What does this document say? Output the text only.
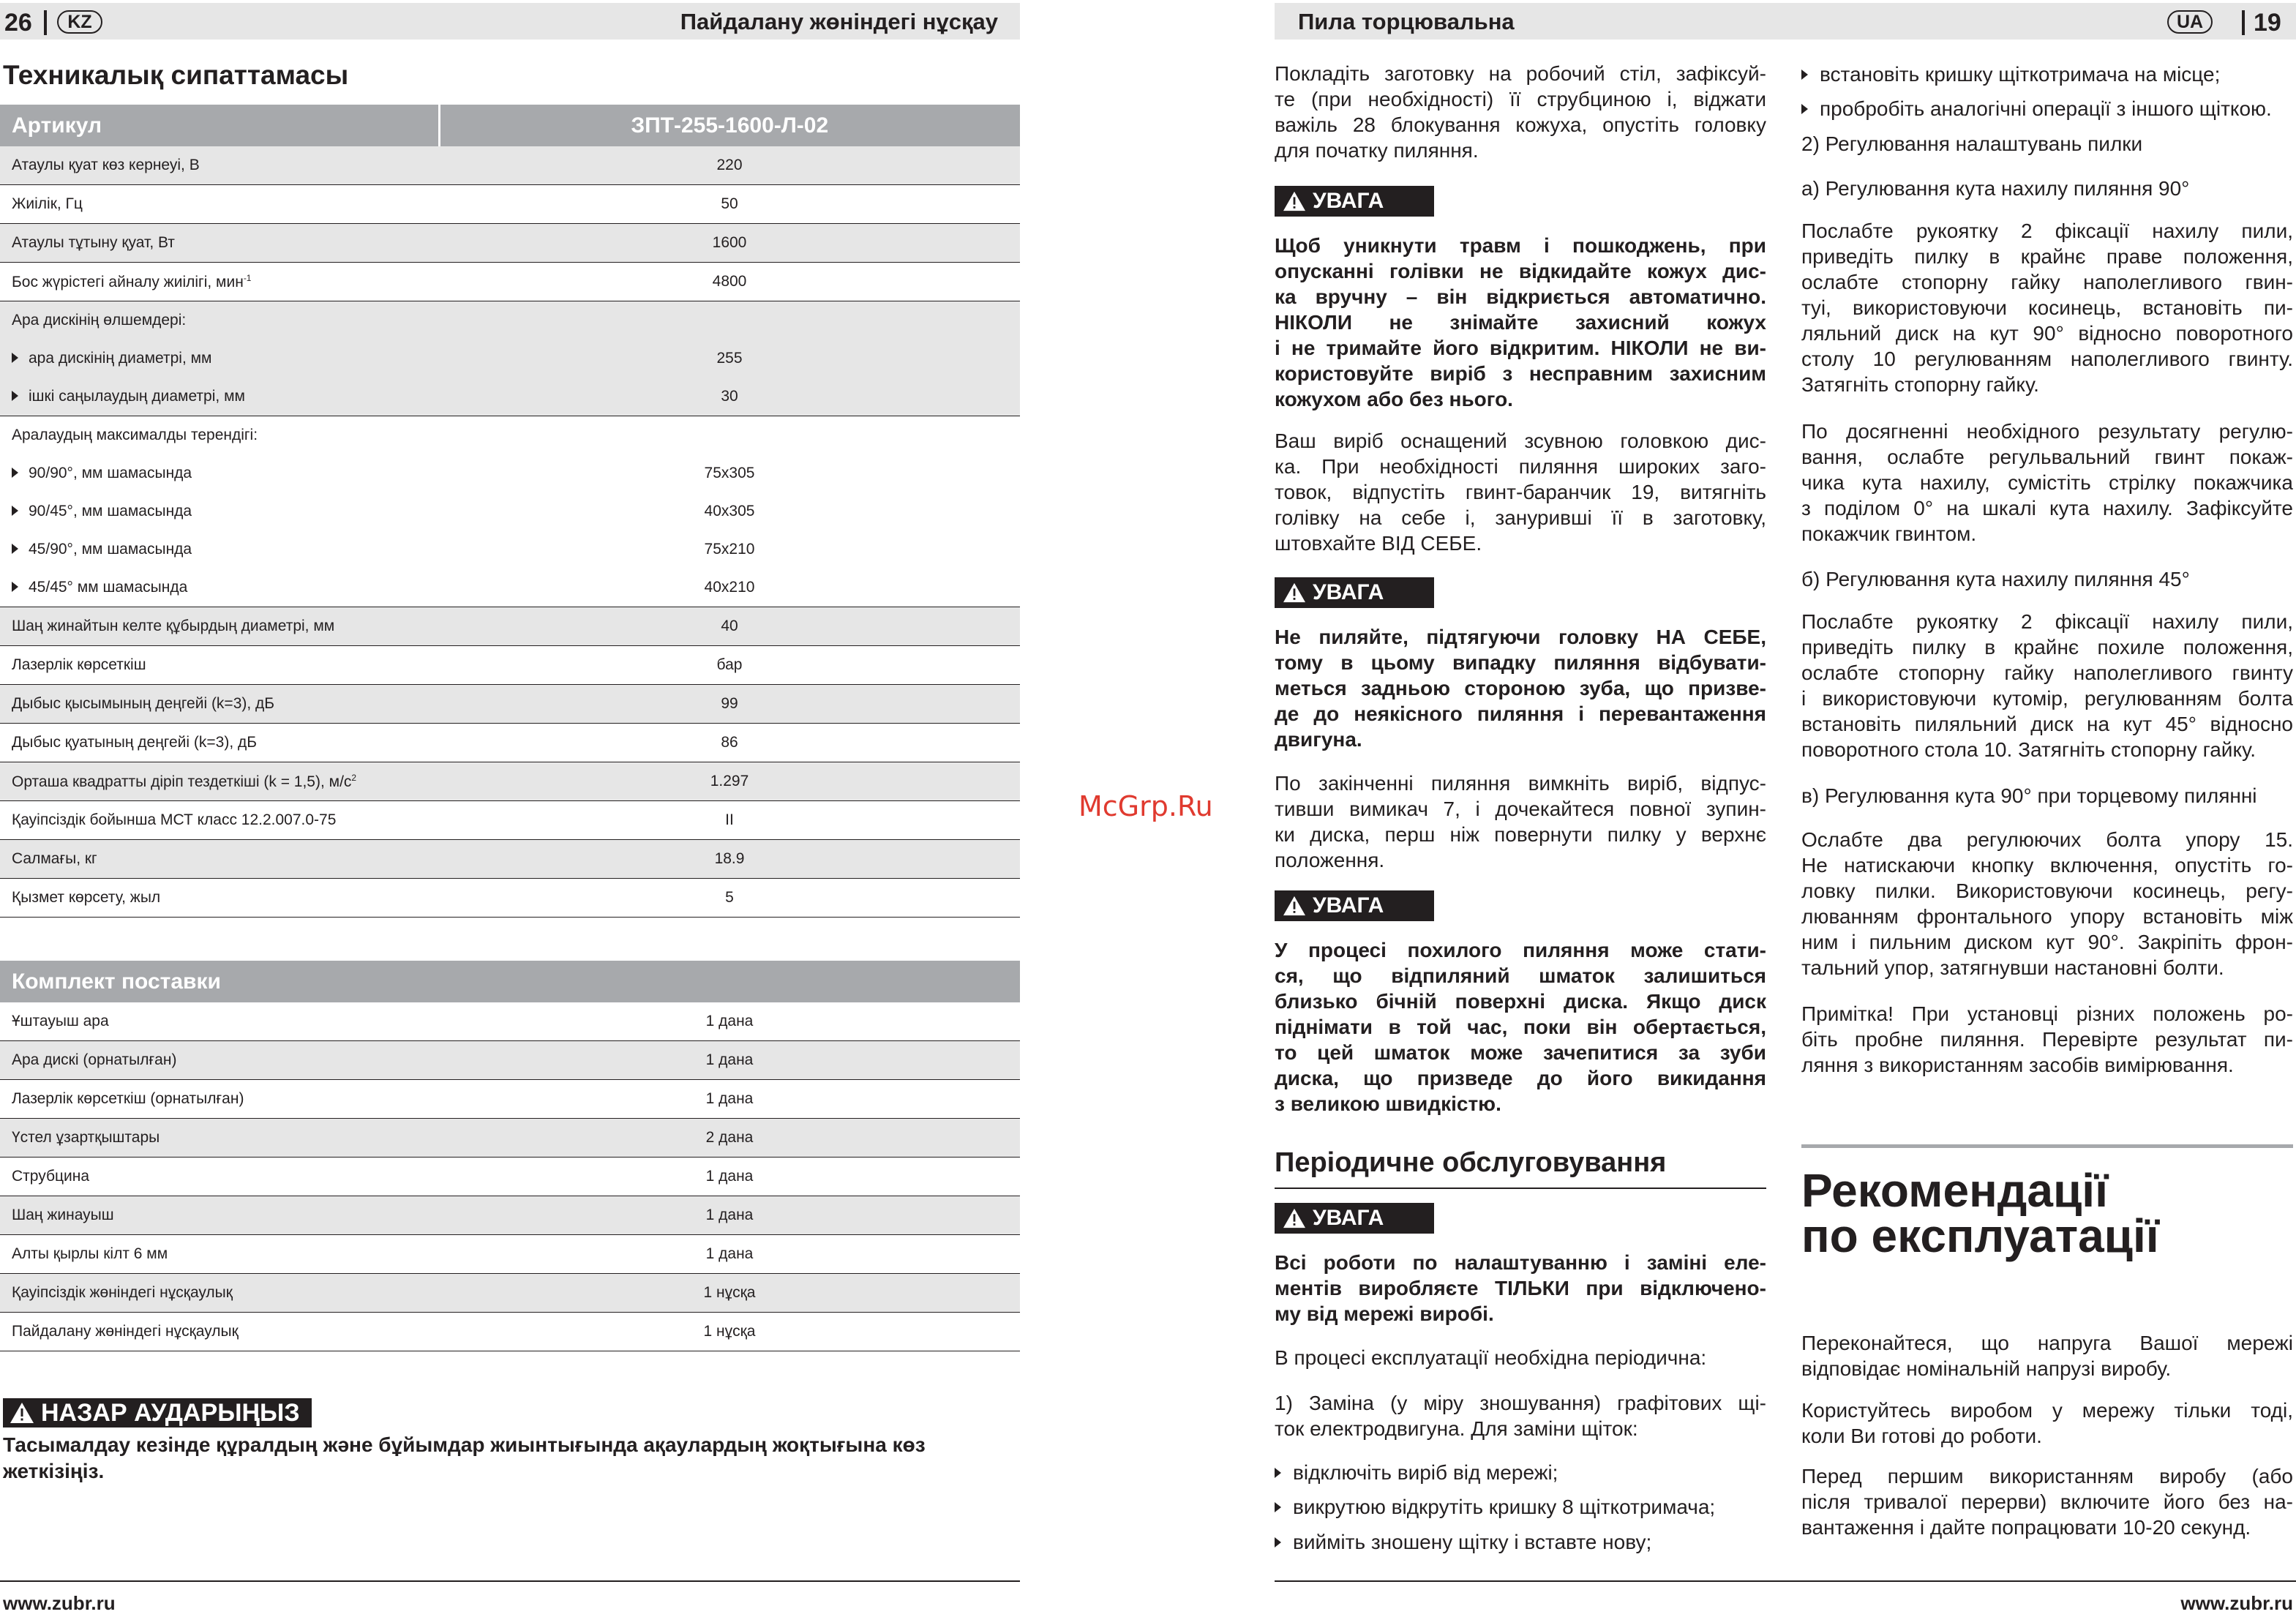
26 KZ	Пайдалану жөніндегі нұсқау
Техникалық сипаттамасы
Артикул	ЗПТ-255-1600-Л-02
Атаулы қуат көз кернеуі, В	220
Жиілік, Гц	50
Атаулы тұтыну қуат, Вт	1600
Бос жүрістегі айналу жиілігі, мин$^{-1}$	4800
Ара дискінің өлшемдері:	
ара дискінің диаметрі, мм	255
ішкі саңылаудың диаметрі, мм	30
Аралаудың максималды терендігі:	
90/90°, мм шамасында	75x305
90/45°, мм шамасында	40x305
45/90°, мм шамасында	75x210
45/45° мм шамасында	40x210
Шаң жинайтын келте құбырдың диаметрі, мм	40
Лазерлік көрсеткіш	бар
Дыбыс қысымының деңгейі (k=3), дБ	99
Дыбыс қуатының деңгейі (k=3), дБ	86
Орташа квадратты діріп тездеткіші (k = 1,5), $м/с^2$	1.297
Қауіпсіздік бойынша МСТ класс 12.2.007.0-75	II
Салмағы, кг	18.9
Қызмет көрсету, жыл	5
Комплект поставки	
Ұштауыш ара	1 дана
Ара дискі (орнатылған)	1 дана
Лазерлік көрсеткіш (орнатылған)	1 дана
Үстел ұзартқыштары	2 дана
Струбцина	1 дана
Шаң жинауыш	1 дана
Алты қырлы кілт 6 мм	1 дана
Қауіпсіздік жөніндегі нұсқаулық	1 нұсқа
Пайдалану жөніндегі нұсқаулық	1 нұсқа
НАЗАР АУДАРЫҢЫЗ
Тасымалдау кезінде құралдың және бұйымдар жиынтығында ақаулардың жоқтығына көз
жеткізіңіз.
www.zubr.ru
McGrp.Ru
Пила торцювальна	UA 19
Покладіть заготовку на робочий стіл, зафіксуй-
те (при необхідності) її струбциною і, віджати
важіль 28 блокування кожуха, опустіть головку
для початку пиляння.
УВАГА
Щоб уникнути травм і пошкоджень, при
опусканні голівки не відкидайте кожух дис-
ка вручну – він відкриється автоматично.
НІКОЛИ не знімайте захисний кожух
і не тримайте його відкритим. НІКОЛИ не ви-
користовуйте виріб з несправним захисним
кожухом або без нього.
Ваш виріб оснащений зсувною головкою дис-
ка. При необхідності пиляння широких заго-
товок, відпустіть гвинт-баранчик 19, витягніть
голівку на себе і, занурившi її в заготовку,
штовхайте ВІД СЕБЕ.
УВАГА
Не пиляйте, підтягуючи головку НА СЕБЕ,
тому в цьому випадку пиляння відбувати-
меться задньою стороною зуба, що призве-
де до неякісного пиляння і перевантаження
двигуна.
По закінченні пиляння вимкніть виріб, відпус-
тивши вимикач 7, і дочекайтеся повної зупин-
ки диска, перш ніж повернути пилку у верхнє
положення.
УВАГА
У процесі похилого пиляння може стати-
ся, що відпиляний шматок залишиться
близько бічній поверхні диска. Якщо диск
піднімати в той час, поки він обертається,
то цей шматок може зачепитися за зуби
диска, що призведе до його викидання
з великою швидкістю.
Періодичне обслуговування
УВАГА
Всі роботи по налаштуванню і заміні еле-
ментів виробляєте ТІЛЬКИ при відключено-
му від мережі виробі.
В процесі експлуатації необхідна періодична:
1) Заміна (у міру зношування) графітових щі-
ток електродвигуна. Для заміни щіток:
відключіть виріб від мережі;
викрутюю відкрутіть кришку 8 щіткотримача;
вийміть зношену щітку і вставте нову;
встановіть кришку щіткотримача на місце;
пробробіть аналогічні операції з іншого щіткою.
2) Регулювання налаштувань пилки
а) Регулювання кута нахилу пиляння 90°
Послабте рукоятку 2 фіксації нахилу пили,
приведіть пилку в крайнє праве положення,
ослабте стопорну гайку наполегливого гвин-
тyі, використовуючи косинець, встановіть пи-
ляльний диск на кут 90° відносно поворотного
столу 10 регулюванням наполегливого гвинту.
Затягніть стопорну гайку.
По досягненні необхідного результату регулю-
вання, ослабте регульвальний гвинт покаж-
чика кута нахилу, сумістіть стрілку покажчика
з поділом 0° на шкалі кута нахилу. Зафіксуйте
покажчик гвинтом.
б) Регулювання кута нахилу пиляння 45°
Послабте рукоятку 2 фіксації нахилу пили,
приведіть пилку в крайнє похиле положення,
ослабте стопорну гайку наполегливого гвинту
і використовуючи кутомір, регулюванням болта
встановіть пиляльний диск на кут 45° відносно
поворотного стола 10. Затягніть стопорну гайку.
в) Регулювання кута 90° при торцевому пилянні
Ослабте два регулюючих болта упору 15.
Не натискаючи кнопку включення, опустіть го-
ловку пилки. Використовуючи косинець, регу-
люванням фронтального упору встановіть між
ним і пильним диском кут 90°. Закріпіть фрон-
тальний упор, затягнувши настановні болти.
Примітка! При установці різних положень ро-
біть пробне пиляння. Перевірте результат пи-
ляння з використанням засобів вимірювання.
Рекомендації
по експлуатації
Переконайтеся, що напруга Вашої мережі
відповідає номінальній напрузі виробу.
Користуйтесь виробом у мережу тільки тоді,
коли Ви готові до роботи.
Перед першим використанням виробу (або
після тривалої перерви) включите його без на-
вантаження і дайте попрацювати 10-20 секунд.
www.zubr.ru
